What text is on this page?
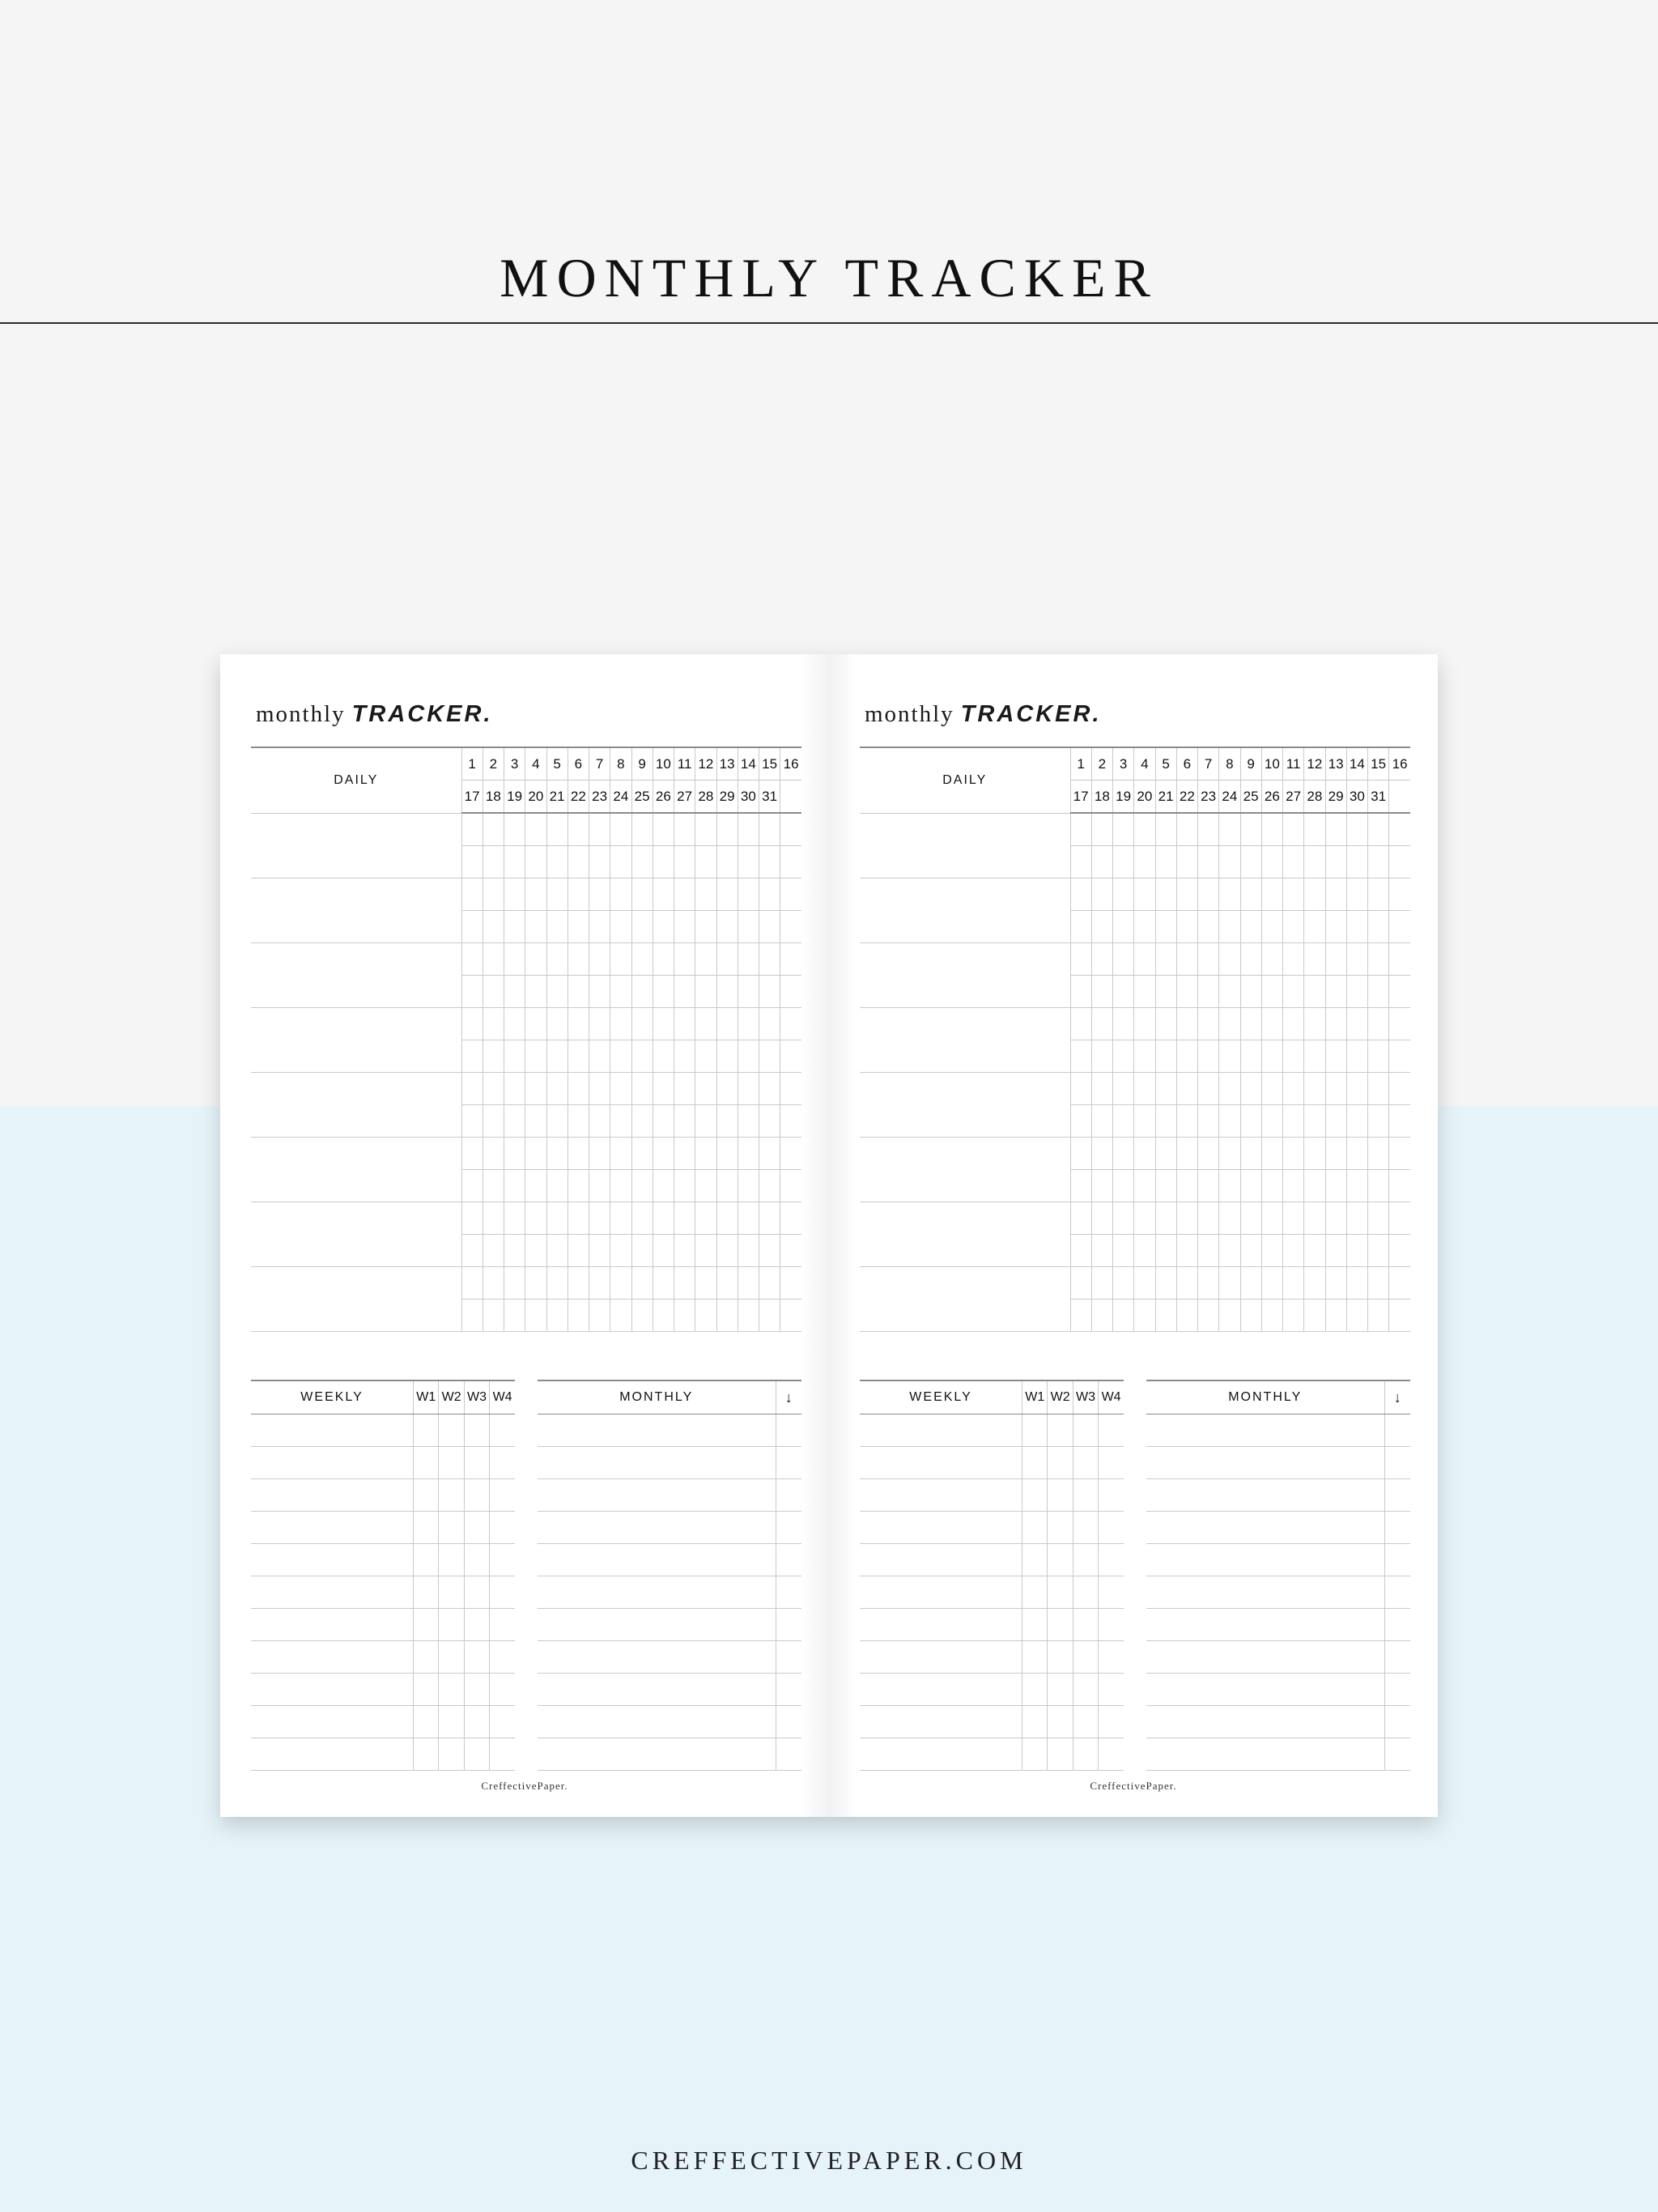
MONTHLY TRACKER
monthly TRACKER.
DAILY	1	2	3	4	5	6	7	8	9	10	11	12	13	14	15	16
	17	18	19	20	21	22	23	24	25	26	27	28	29	30	31	

WEEKLY	W1	W2	W3	W4

					MONTHLY	↓

CreffectivePaper.
monthly TRACKER.
DAILY	1	2	3	4	5	6	7	8	9	10	11	12	13	14	15	16
	17	18	19	20	21	22	23	24	25	26	27	28	29	30	31	

WEEKLY	W1	W2	W3	W4

					MONTHLY	↓

CreffectivePaper.
CREFFECTIVEPAPER.COM
